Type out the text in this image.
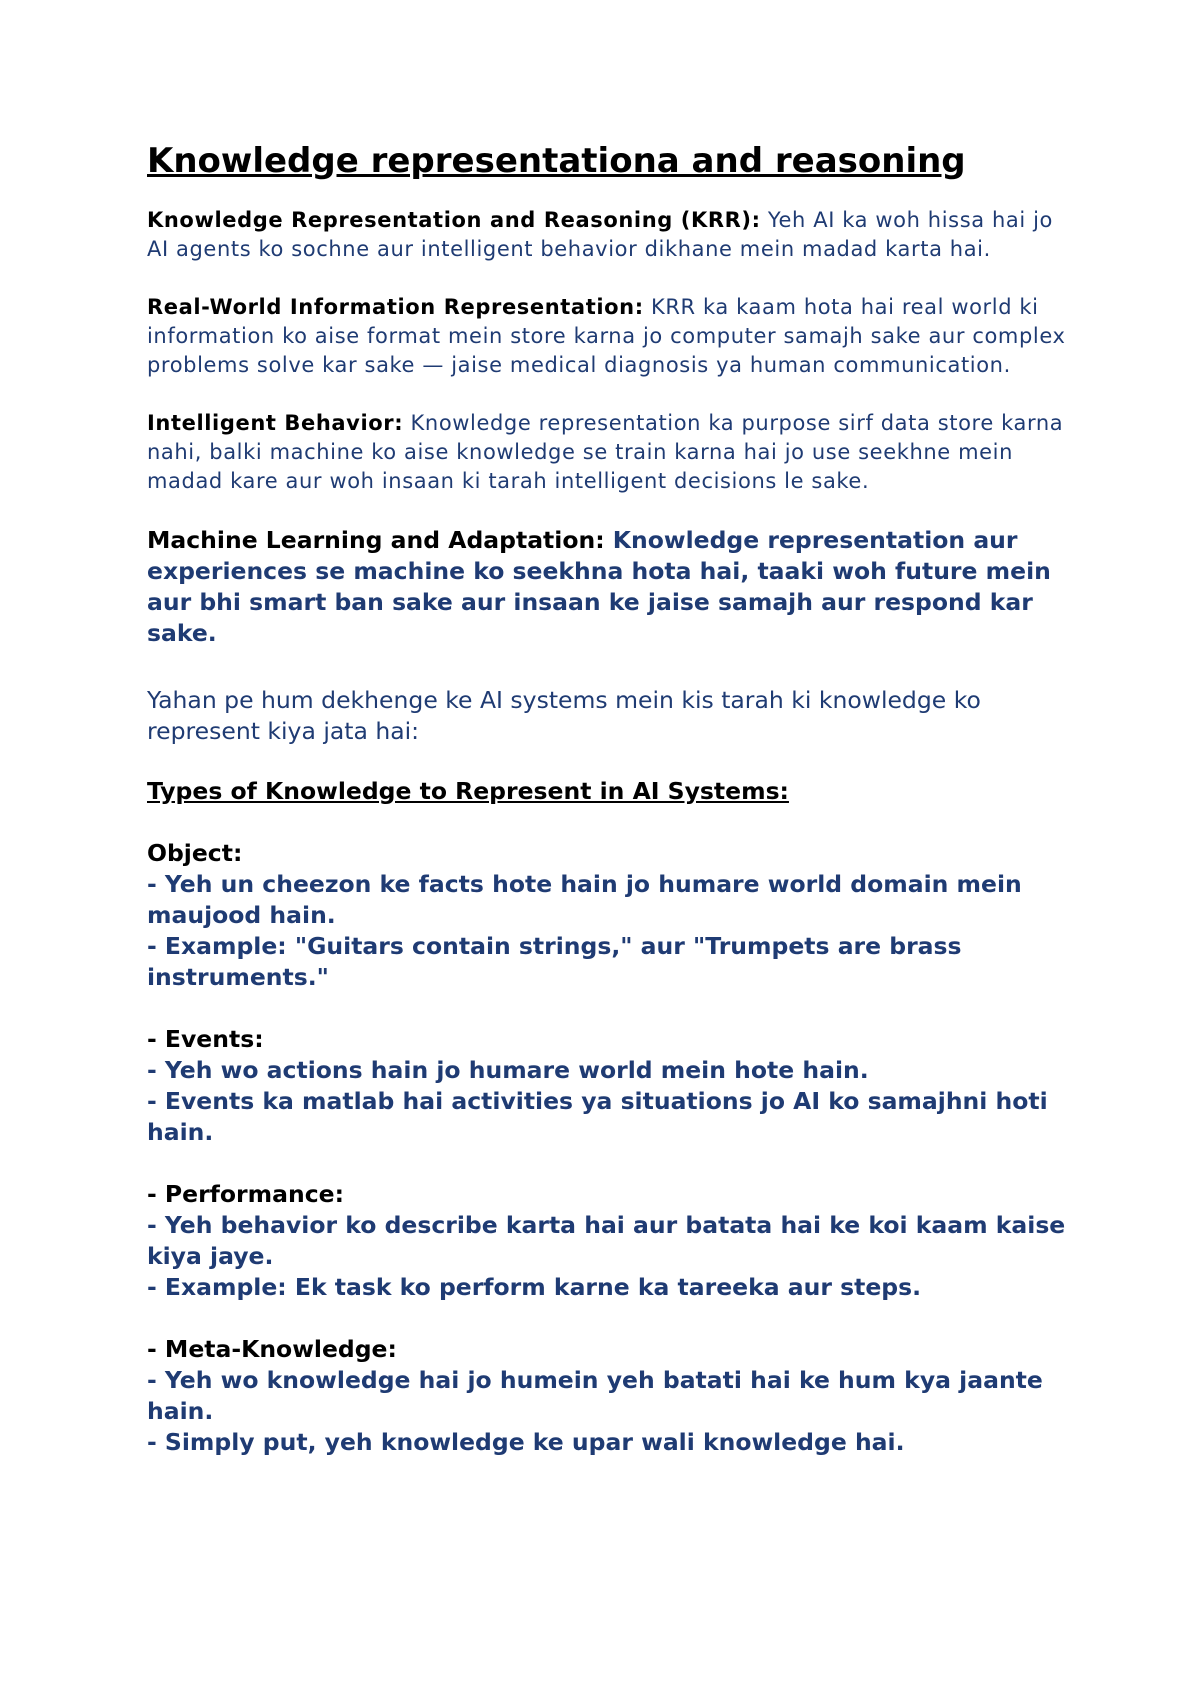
Knowledge representationa and reasoning

Knowledge Representation and Reasoning (KRR): Yeh AI ka woh hissa hai jo AI agents ko sochne aur intelligent behavior dikhane mein madad karta hai.

Real-World Information Representation: KRR ka kaam hota hai real world ki information ko aise format mein store karna jo computer samajh sake aur complex problems solve kar sake — jaise medical diagnosis ya human communication.

Intelligent Behavior: Knowledge representation ka purpose sirf data store karna nahi, balki machine ko aise knowledge se train karna hai jo use seekhne mein madad kare aur woh insaan ki tarah intelligent decisions le sake.

Machine Learning and Adaptation: Knowledge representation aur experiences se machine ko seekhna hota hai, taaki woh future mein aur bhi smart ban sake aur insaan ke jaise samajh aur respond kar sake.

Yahan pe hum dekhenge ke AI systems mein kis tarah ki knowledge ko represent kiya jata hai:

Types of Knowledge to Represent in AI Systems:
Object:
- Yeh un cheezon ke facts hote hain jo humare world domain mein maujood hain.
- Example: "Guitars contain strings," aur "Trumpets are brass instruments."
- Events:
- Yeh wo actions hain jo humare world mein hote hain.
- Events ka matlab hai activities ya situations jo AI ko samajhni hoti hain.
- Performance:
- Yeh behavior ko describe karta hai aur batata hai ke koi kaam kaise kiya jaye.
- Example: Ek task ko perform karne ka tareeka aur steps.
- Meta-Knowledge:
- Yeh wo knowledge hai jo humein yeh batati hai ke hum kya jaante hain.
- Simply put, yeh knowledge ke upar wali knowledge hai.
